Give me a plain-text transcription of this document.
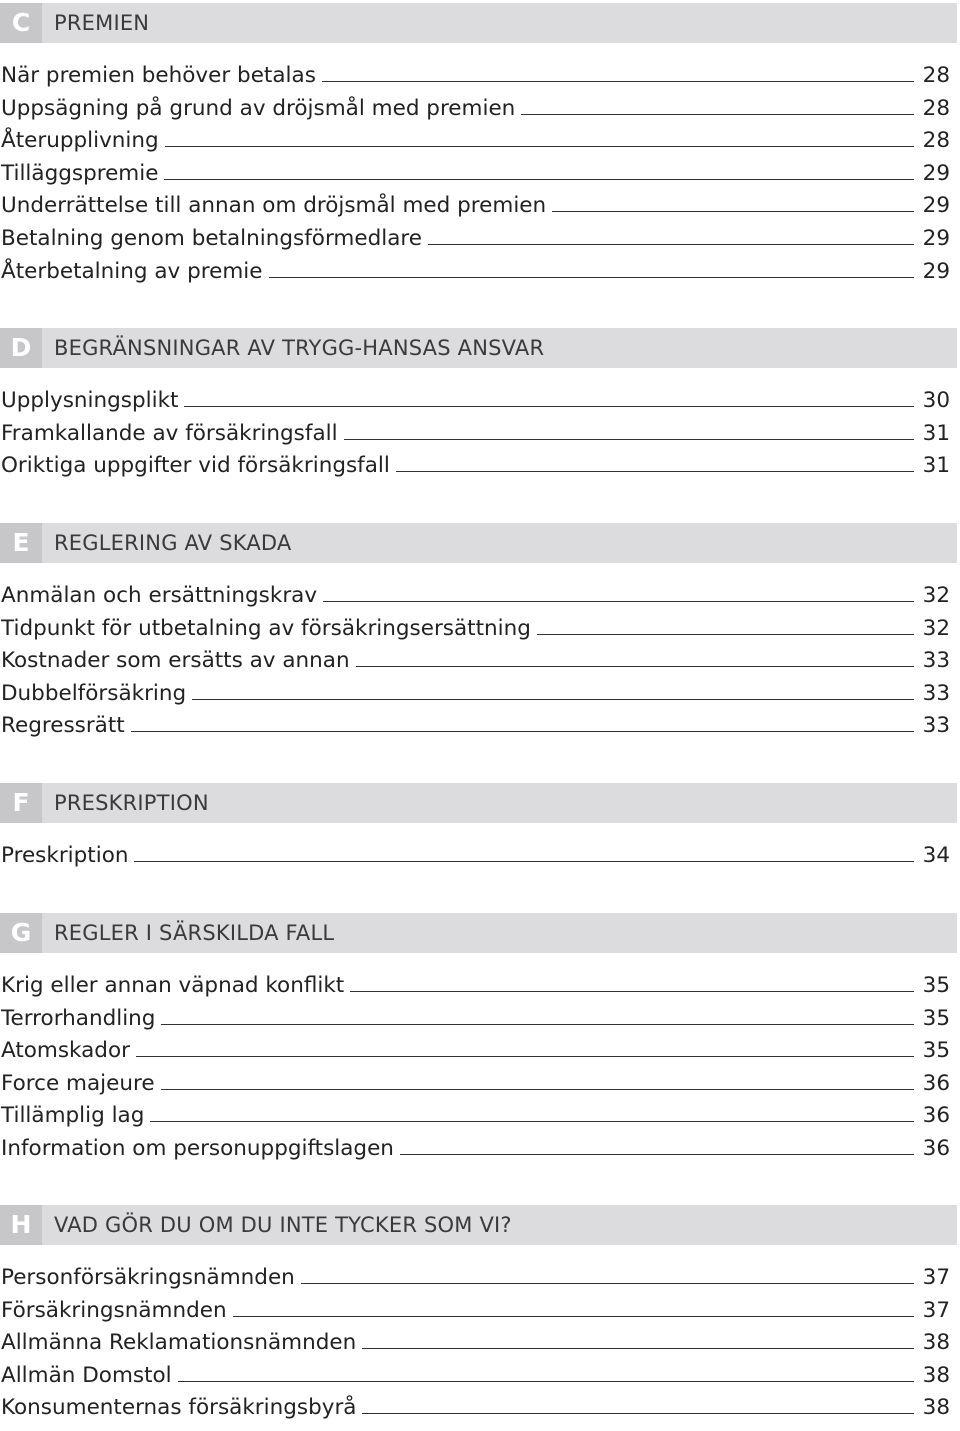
C	PREMIEN
När premien behöver betalas	28
Uppsägning på grund av dröjsmål med premien	28
Återupplivning	28
Tilläggspremie	29
Underrättelse till annan om dröjsmål med premien	29
Betalning genom betalningsförmedlare	29
Återbetalning av premie	29
D	BEGRÄNSNINGAR AV TRYGG-HANSAS ANSVAR
Upplysningsplikt	30
Framkallande av försäkringsfall	31
Oriktiga uppgifter vid försäkringsfall	31
E	REGLERING AV SKADA
Anmälan och ersättningskrav	32
Tidpunkt för utbetalning av försäkringsersättning	32
Kostnader som ersätts av annan	33
Dubbelförsäkring	33
Regressrätt	33
F	PRESKRIPTION
Preskription	34
G	REGLER I SÄRSKILDA FALL
Krig eller annan väpnad konflikt	35
Terrorhandling	35
Atomskador	35
Force majeure	36
Tillämplig lag	36
Information om personuppgiftslagen	36
H	VAD GÖR DU OM DU INTE TYCKER SOM VI?
Personförsäkringsnämnden	37
Försäkringsnämnden	37
Allmänna Reklamationsnämnden	38
Allmän Domstol	38
Konsumenternas försäkringsbyrå	38
